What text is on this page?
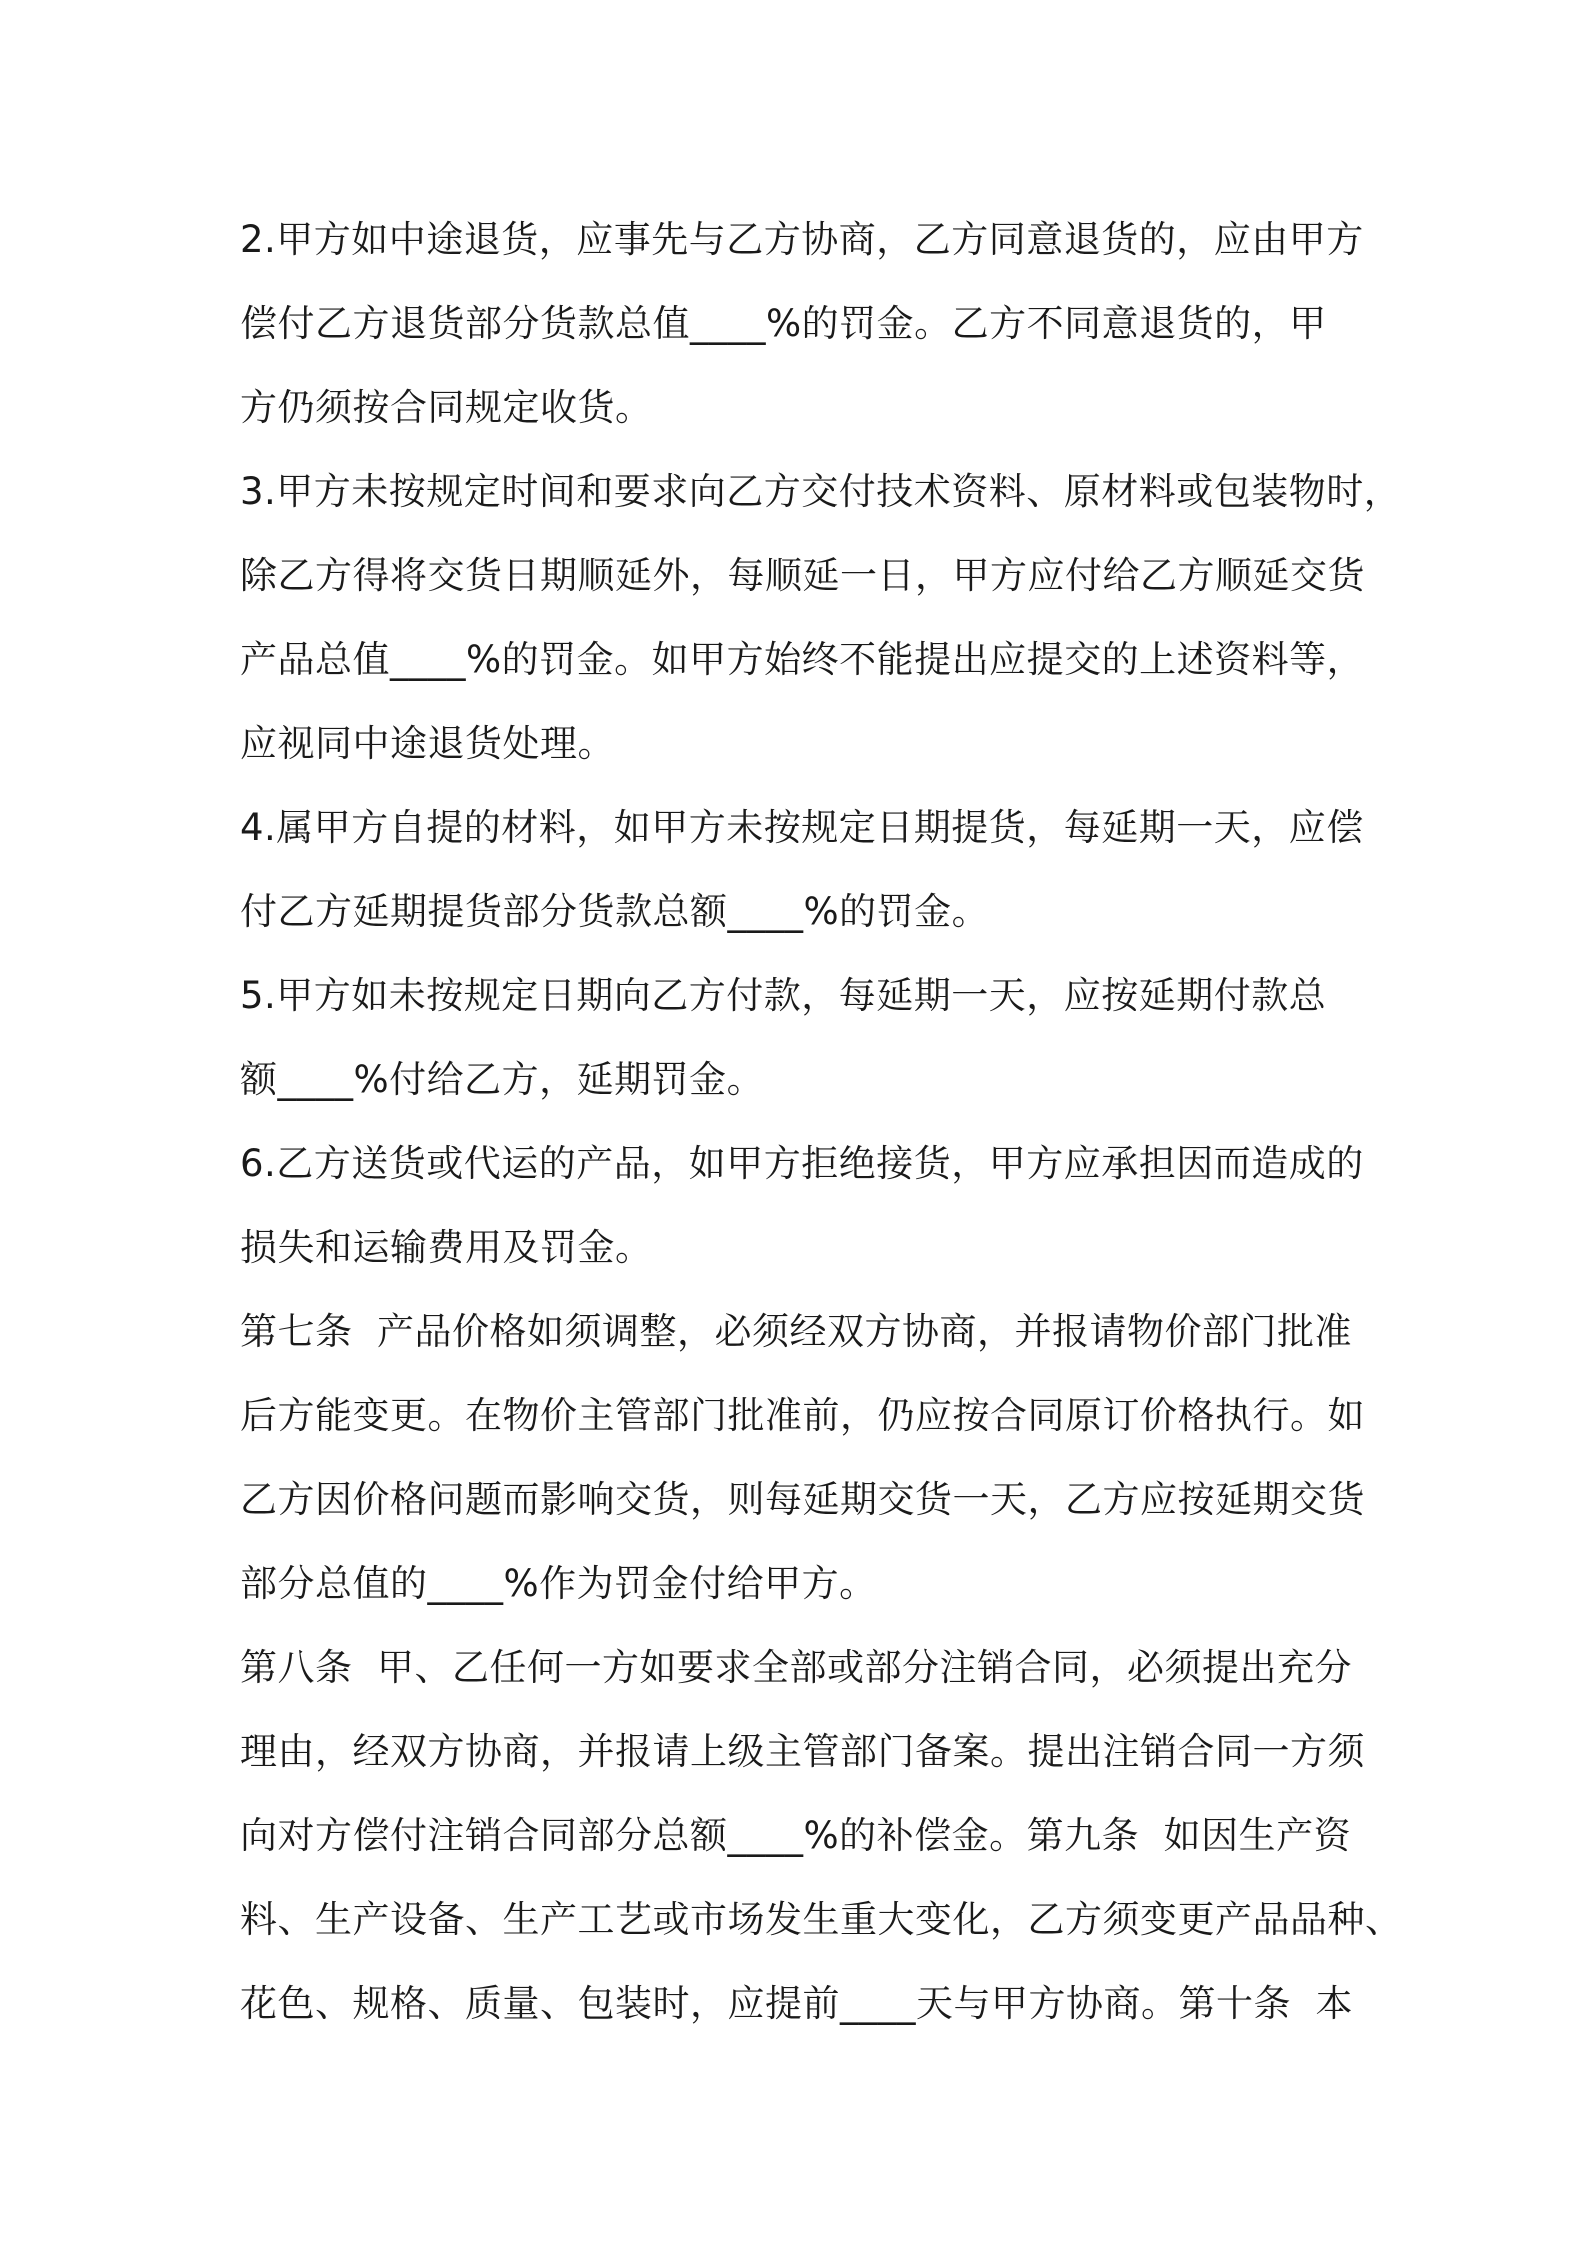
2.甲方如中途退货，应事先与乙方协商，乙方同意退货的，应由甲方
偿付乙方退货部分货款总值____%的罚金。乙方不同意退货的，甲
方仍须按合同规定收货。
3.甲方未按规定时间和要求向乙方交付技术资料、原材料或包装物时，
除乙方得将交货日期顺延外，每顺延一日，甲方应付给乙方顺延交货
产品总值____%的罚金。如甲方始终不能提出应提交的上述资料等，
应视同中途退货处理。
4.属甲方自提的材料，如甲方未按规定日期提货，每延期一天，应偿
付乙方延期提货部分货款总额____%的罚金。
5.甲方如未按规定日期向乙方付款，每延期一天，应按延期付款总
额____%付给乙方，延期罚金。
6.乙方送货或代运的产品，如甲方拒绝接货，甲方应承担因而造成的
损失和运输费用及罚金。
第七条  产品价格如须调整，必须经双方协商，并报请物价部门批准
后方能变更。在物价主管部门批准前，仍应按合同原订价格执行。如
乙方因价格问题而影响交货，则每延期交货一天，乙方应按延期交货
部分总值的____%作为罚金付给甲方。
第八条  甲、乙任何一方如要求全部或部分注销合同，必须提出充分
理由，经双方协商，并报请上级主管部门备案。提出注销合同一方须
向对方偿付注销合同部分总额____%的补偿金。第九条  如因生产资
料、生产设备、生产工艺或市场发生重大变化，乙方须变更产品品种、
花色、规格、质量、包装时，应提前____天与甲方协商。第十条  本
